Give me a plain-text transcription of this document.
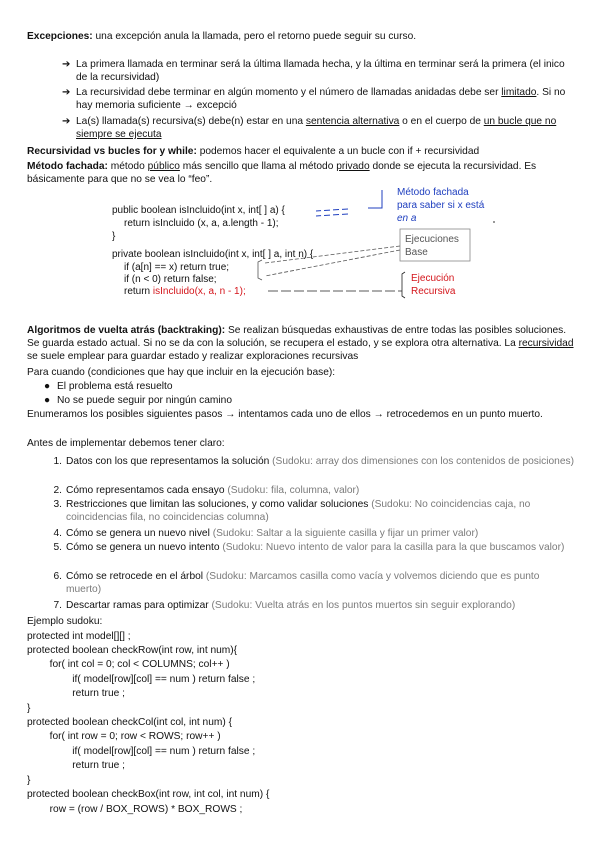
Excepciones: una excepción anula la llamada, pero el retorno puede seguir su curso.
➔ La primera llamada en terminar será la última llamada hecha, y la última en terminar será la primera (el inico de la recursividad)
➔ La recursividad debe terminar en algún momento y el número de llamadas anidadas debe ser limitado. Si no hay memoria suficiente → excepció
➔ La(s) llamada(s) recursiva(s) debe(n) estar en una sentencia alternativa o en el cuerpo de un bucle que no siempre se ejecuta
Recursividad vs bucles for y while: podemos hacer el equivalente a un bucle con if + recursividad
Método fachada: método público más sencillo que llama al método privado donde se ejecuta la recursividad. Es básicamente para que no se vea lo “feo”.
public boolean isIncluido(int x, int[ ] a) {
return isIncluido (x, a, a.length - 1);
}
private boolean isIncluido(int x, int[ ] a, int n) {
if (a[n] == x) return true;
if (n < 0) return false;
return isIncluido(x, a, n - 1);
Método fachada
para saber si x está
en a
Ejecuciones
Base
Ejecución
Recursiva
Algoritmos de vuelta atrás (backtraking): Se realizan búsquedas exhaustivas de entre todas las posibles soluciones. Se guarda estado actual. Si no se da con la solución, se recupera el estado, y se explora otra alternativa. La recursividad se suele emplear para guardar estado y realizar exploraciones recursivas
Para cuando (condiciones que hay que incluir en la ejecución base):
● El problema está resuelto
● No se puede seguir por ningún camino
Enumeramos los posibles siguientes pasos → intentamos cada uno de ellos → retrocedemos en un punto muerto.
Antes de implementar debemos tener claro:
1. Datos con los que representamos la solución (Sudoku: array dos dimensiones con los contenidos de posiciones)
2. Cómo representamos cada ensayo (Sudoku: fila, columna, valor)
3. Restricciones que limitan las soluciones, y como validar soluciones (Sudoku: No coincidencias caja, no coincidencias fila, no coincidencias columna)
4. Cómo se genera un nuevo nivel (Sudoku: Saltar a la siguiente casilla y fijar un primer valor)
5. Cómo se genera un nuevo intento (Sudoku: Nuevo intento de valor para la casilla para la que buscamos valor)
6. Cómo se retrocede en el árbol (Sudoku: Marcamos casilla como vacía y volvemos diciendo que es punto muerto)
7. Descartar ramas para optimizar (Sudoku: Vuelta atrás en los puntos muertos sin seguir explorando)
Ejemplo sudoku:
protected int model[][] ;
protected boolean checkRow(int row, int num){
for( int col = 0; col < COLUMNS; col++ )
if( model[row][col] == num ) return false ;
return true ;
}
protected boolean checkCol(int col, int num) {
for( int row = 0; row < ROWS; row++ )
if( model[row][col] == num ) return false ;
return true ;
}
protected boolean checkBox(int row, int col, int num) {
row = (row / BOX_ROWS) * BOX_ROWS ;
